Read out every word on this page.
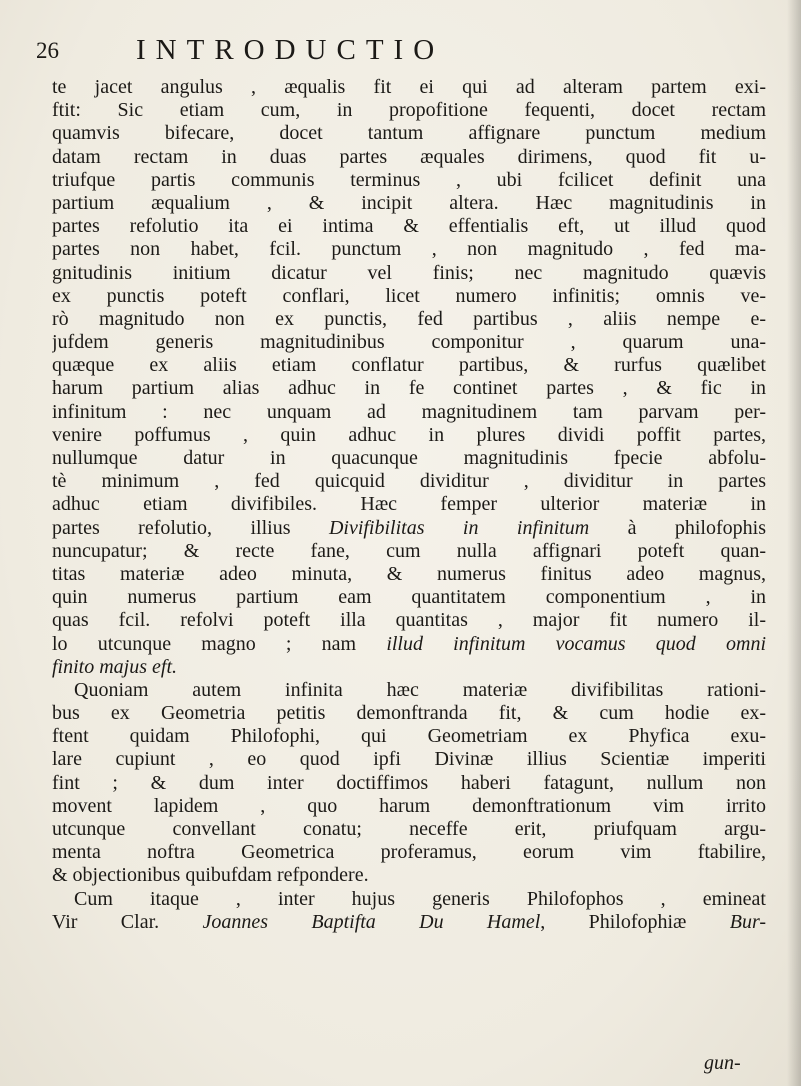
26	INTRODUCTIO
te jacet angulus , æqualis fit ei qui ad alteram partem exi-
ftit: Sic etiam cum, in propofitione fequenti, docet rectam
quamvis bifecare, docet tantum affignare punctum medium
datam rectam in duas partes æquales dirimens, quod fit u-
triufque partis communis terminus , ubi fcilicet definit una
partium æqualium , & incipit altera. Hæc magnitudinis in
partes refolutio ita ei intima & effentialis eft, ut illud quod
partes non habet, fcil. punctum , non magnitudo , fed ma-
gnitudinis initium dicatur vel finis; nec magnitudo quævis
ex punctis poteft conflari, licet numero infinitis; omnis ve-
rò magnitudo non ex punctis, fed partibus , aliis nempe e-
jufdem generis magnitudinibus componitur , quarum una-
quæque ex aliis etiam conflatur partibus, & rurfus quælibet
harum partium alias adhuc in fe continet partes , & fic in
infinitum : nec unquam ad magnitudinem tam parvam per-
venire poffumus , quin adhuc in plures dividi poffit partes,
nullumque datur in quacunque magnitudinis fpecie abfolu-
tè minimum , fed quicquid dividitur , dividitur in partes
adhuc etiam divifibiles. Hæc femper ulterior materiæ in
partes refolutio, illius Divifibilitas in infinitum à philofophis
nuncupatur; & recte fane, cum nulla affignari poteft quan-
titas materiæ adeo minuta, & numerus finitus adeo magnus,
quin numerus partium eam quantitatem componentium , in
quas fcil. refolvi poteft illa quantitas , major fit numero il-
lo utcunque magno ; nam illud infinitum vocamus quod omni
finito majus eft.
Quoniam autem infinita hæc materiæ divifibilitas rationi-
bus ex Geometria petitis demonftranda fit, & cum hodie ex-
ftent quidam Philofophi, qui Geometriam ex Phyfica exu-
lare cupiunt , eo quod ipfi Divinæ illius Scientiæ imperiti
fint ; & dum inter doctiffimos haberi fatagunt, nullum non
movent lapidem , quo harum demonftrationum vim irrito
utcunque convellant conatu; neceffe erit, priufquam argu-
menta noftra Geometrica proferamus, eorum vim ftabilire,
& objectionibus quibufdam refpondere.
Cum itaque , inter hujus generis Philofophos , emineat
Vir Clar. Joannes Baptifta Du Hamel, Philofophiæ Bur-
gun-
